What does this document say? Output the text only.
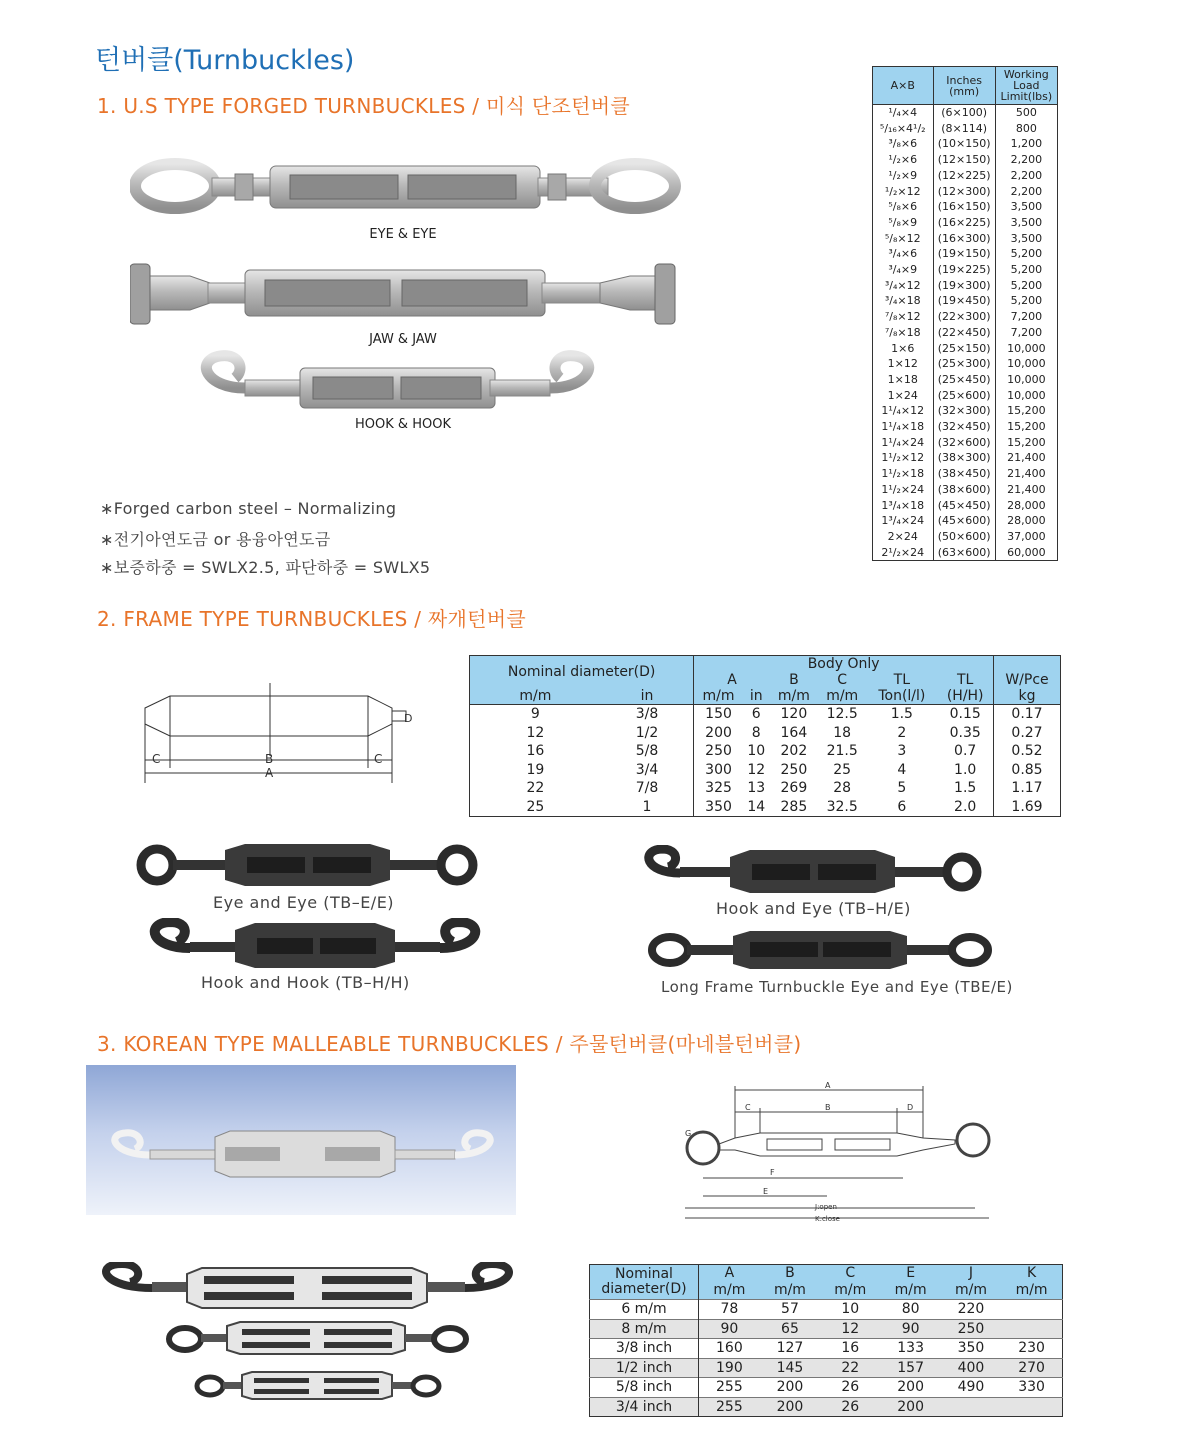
턴버클(Turnbuckles)
1. U.S TYPE FORGED TURNBUCKLES / 미식 단조턴버클
EYE & EYE
JAW & JAW
HOOK & HOOK
∗Forged carbon steel – Normalizing
∗전기아연도금 or 용융아연도금
∗보증하중 = SWLX2.5, 파단하중 = SWLX5
A×B	Inches (mm)	Working Load Limit(lbs)
¹/₄×4	(6×100)	500
⁵/₁₆×4¹/₂	(8×114)	800
³/₈×6	(10×150)	1,200
¹/₂×6	(12×150)	2,200
¹/₂×9	(12×225)	2,200
¹/₂×12	(12×300)	2,200
⁵/₈×6	(16×150)	3,500
⁵/₈×9	(16×225)	3,500
⁵/₈×12	(16×300)	3,500
³/₄×6	(19×150)	5,200
³/₄×9	(19×225)	5,200
³/₄×12	(19×300)	5,200
³/₄×18	(19×450)	5,200
⁷/₈×12	(22×300)	7,200
⁷/₈×18	(22×450)	7,200
1×6	(25×150)	10,000
1×12	(25×300)	10,000
1×18	(25×450)	10,000
1×24	(25×600)	10,000
1¹/₄×12	(32×300)	15,200
1¹/₄×18	(32×450)	15,200
1¹/₄×24	(32×600)	15,200
1¹/₂×12	(38×300)	21,400
1¹/₂×18	(38×450)	21,400
1¹/₂×24	(38×600)	21,400
1³/₄×18	(45×450)	28,000
1³/₄×24	(45×600)	28,000
2×24	(50×600)	37,000
2¹/₂×24	(63×600)	60,000
2. FRAME TYPE TURNBUCKLES / 짜개턴버클
C	C
B
A
D
Nominal diameter(D)		Body Only						W/Pce
		A		B	C	TL	TL	
m/m	in	m/m	in	m/m	m/m	Ton(l/l)	(H/H)	kg
9	3/8	150	6	120	12.5	1.5	0.15	0.17
12	1/2	200	8	164	18	2	0.35	0.27
16	5/8	250	10	202	21.5	3	0.7	0.52
19	3/4	300	12	250	25	4	1.0	0.85
22	7/8	325	13	269	28	5	1.5	1.17
25	1	350	14	285	32.5	6	2.0	1.69
Eye and Eye (TB–E/E)	Hook and Eye (TB–H/E)
Hook and Hook (TB–H/H)	Long Frame Turnbuckle Eye and Eye (TBE/E)
3. KOREAN TYPE MALLEABLE TURNBUCKLES / 주물턴버클(마네블턴버클)
A
C	B	D
G
F
E
J:open
K:close
Nominal diameter(D)	A	B	C	E	J	K
	m/m	m/m	m/m	m/m	m/m	m/m
6 m/m	78	57	10	80	220	
8 m/m	90	65	12	90	250	
3/8 inch	160	127	16	133	350	230
1/2 inch	190	145	22	157	400	270
5/8 inch	255	200	26	200	490	330
3/4 inch	255	200	26	200		
